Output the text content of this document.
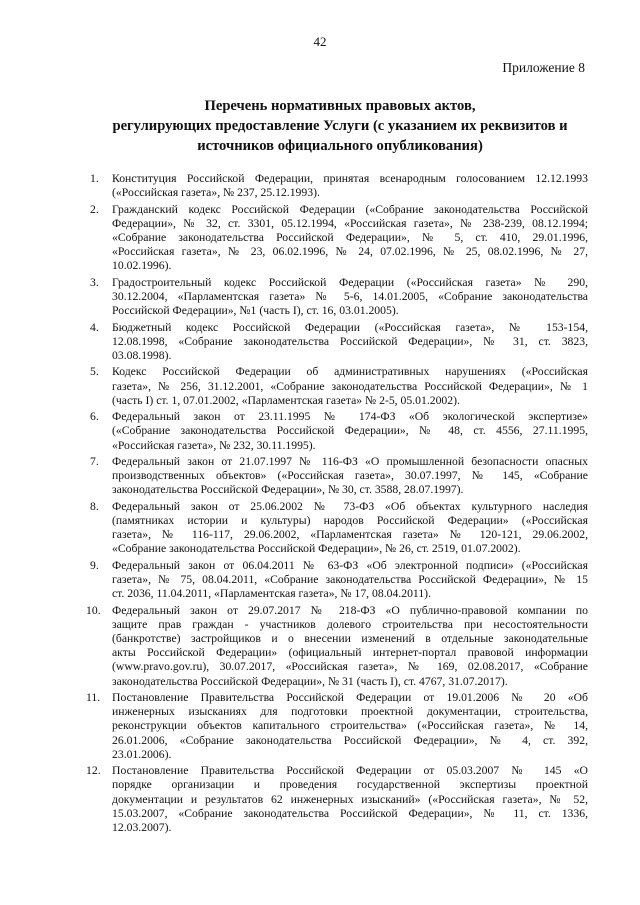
42
Приложение 8
Перечень нормативных правовых актов,
регулирующих предоставление Услуги (с указанием их реквизитов и
источников официального опубликования)
1. Конституция Российской Федерации, принятая всенародным голосованием 12.12.1993
(«Российская газета», № 237, 25.12.1993).
2. Гражданский кодекс Российской Федерации («Собрание законодательства Российской
Федерации», № 32, ст. 3301, 05.12.1994, «Российская газета», № 238-239, 08.12.1994;
«Собрание законодательства Российской Федерации», № 5, ст. 410, 29.01.1996,
«Российская газета», № 23, 06.02.1996, № 24, 07.02.1996, № 25, 08.02.1996, № 27,
10.02.1996).
3. Градостроительный кодекс Российской Федерации («Российская газета» № 290,
30.12.2004, «Парламентская газета» № 5-6, 14.01.2005, «Собрание законодательства
Российской Федерации», №1 (часть I), ст. 16, 03.01.2005).
4. Бюджетный кодекс Российской Федерации («Российская газета», № 153-154,
12.08.1998, «Собрание законодательства Российской Федерации», № 31, ст. 3823,
03.08.1998).
5. Кодекс Российской Федерации об административных нарушениях («Российская
газета», № 256, 31.12.2001, «Собрание законодательства Российской Федерации», № 1
(часть I) ст. 1, 07.01.2002, «Парламентская газета» № 2-5, 05.01.2002).
6. Федеральный закон от 23.11.1995 № 174-ФЗ «Об экологической экспертизе»
(«Собрание законодательства Российской Федерации», № 48, ст. 4556, 27.11.1995,
«Российская газета», № 232, 30.11.1995).
7. Федеральный закон от 21.07.1997 № 116-ФЗ «О промышленной безопасности опасных
производственных объектов» («Российская газета», 30.07.1997, № 145, «Собрание
законодательства Российской Федерации», № 30, ст. 3588, 28.07.1997).
8. Федеральный закон от 25.06.2002 № 73-ФЗ «Об объектах культурного наследия
(памятниках истории и культуры) народов Российской Федерации» («Российская
газета», № 116-117, 29.06.2002, «Парламентская газета» № 120-121, 29.06.2002,
«Собрание законодательства Российской Федерации», № 26, ст. 2519, 01.07.2002).
9. Федеральный закон от 06.04.2011 № 63-ФЗ «Об электронной подписи» («Российская
газета», № 75, 08.04.2011, «Собрание законодательства Российской Федерации», № 15
ст. 2036, 11.04.2011, «Парламентская газета», № 17, 08.04.2011).
10. Федеральный закон от 29.07.2017 № 218-ФЗ «О публично-правовой компании по
защите прав граждан - участников долевого строительства при несостоятельности
(банкротстве) застройщиков и о внесении изменений в отдельные законодательные
акты Российской Федерации» (официальный интернет-портал правовой информации
(www.pravo.gov.ru), 30.07.2017, «Российская газета», № 169, 02.08.2017, «Собрание
законодательства Российской Федерации», № 31 (часть I), ст. 4767, 31.07.2017).
11. Постановление Правительства Российской Федерации от 19.01.2006 № 20 «Об
инженерных изысканиях для подготовки проектной документации, строительства,
реконструкции объектов капитального строительства» («Российская газета», № 14,
26.01.2006, «Собрание законодательства Российской Федерации», № 4, ст. 392,
23.01.2006).
12. Постановление Правительства Российской Федерации от 05.03.2007 № 145 «О
порядке организации и проведения государственной экспертизы проектной
документации и результатов 62 инженерных изысканий» («Российская газета», № 52,
15.03.2007, «Собрание законодательства Российской Федерации», № 11, ст. 1336,
12.03.2007).
